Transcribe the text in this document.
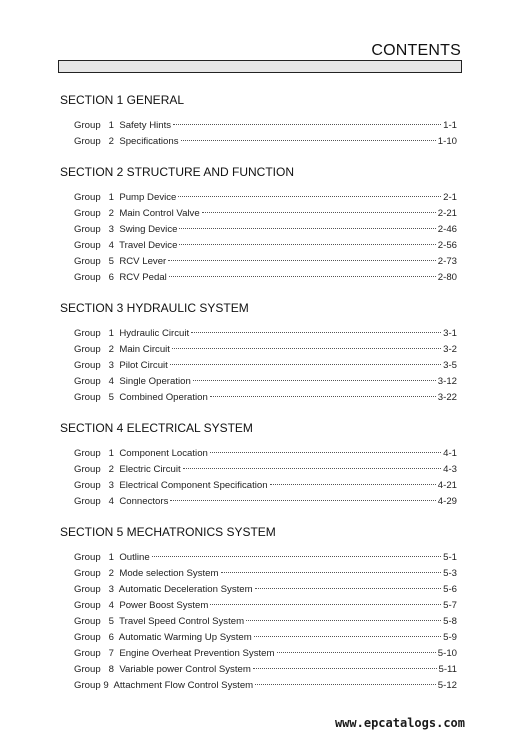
CONTENTS
SECTION 1 GENERAL
Group   1  Safety Hints	1-1
Group   2  Specifications	1-10
SECTION 2 STRUCTURE AND FUNCTION
Group   1  Pump Device	2-1
Group   2  Main Control Valve	2-21
Group   3  Swing Device	2-46
Group   4  Travel Device	2-56
Group   5  RCV Lever	2-73
Group   6  RCV Pedal	2-80
SECTION 3 HYDRAULIC SYSTEM
Group   1  Hydraulic Circuit	3-1
Group   2  Main Circuit	3-2
Group   3  Pilot Circuit	3-5
Group   4  Single Operation	3-12
Group   5  Combined Operation	3-22
SECTION 4 ELECTRICAL SYSTEM
Group   1  Component Location	4-1
Group   2  Electric Circuit	4-3
Group   3  Electrical Component Specification	4-21
Group   4  Connectors	4-29
SECTION 5 MECHATRONICS SYSTEM
Group   1  Outline	5-1
Group   2  Mode selection System	5-3
Group   3  Automatic Deceleration System	5-6
Group   4  Power Boost System	5-7
Group   5  Travel Speed Control System	5-8
Group   6  Automatic Warming Up System	5-9
Group   7  Engine Overheat Prevention System	5-10
Group   8  Variable power Control System	5-11
Group 9  Attachment Flow Control System	5-12
www.epcatalogs.com
